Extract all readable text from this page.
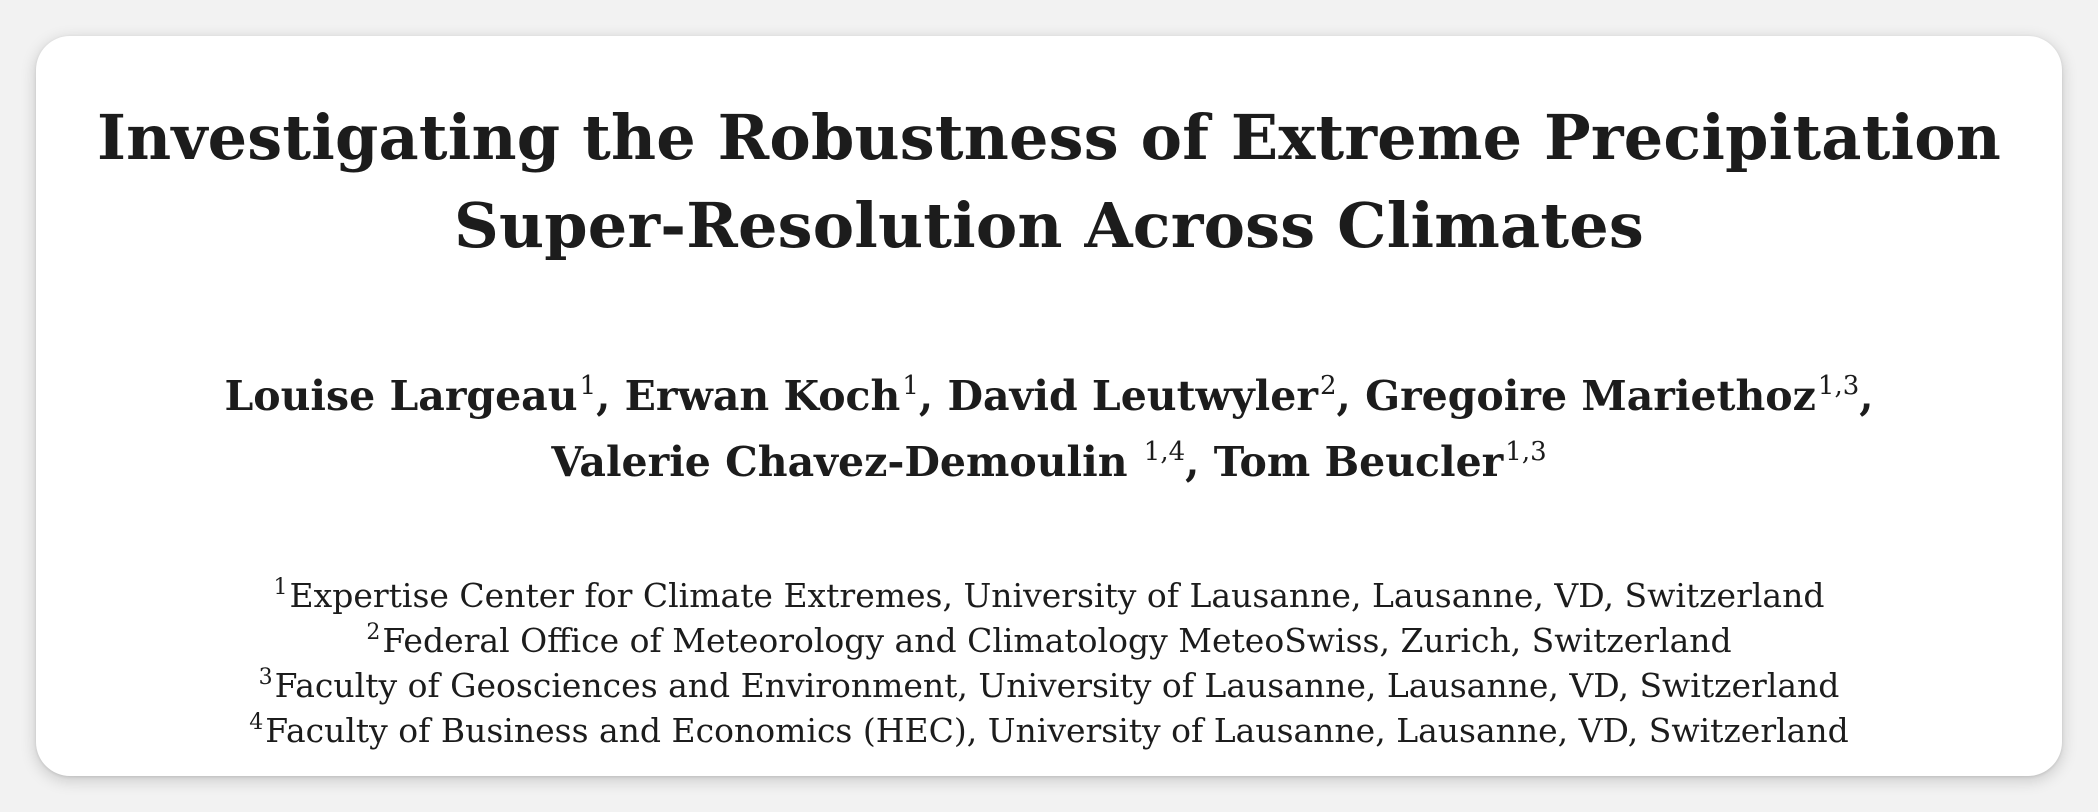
Investigating the Robustness of Extreme Precipitation
Super-Resolution Across Climates
Louise Largeau$^1$, Erwan Koch$^1$, David Leutwyler$^2$, Gregoire Mariethoz$^{1,3}$,
Valerie Chavez-Demoulin $^{1,4}$, Tom Beucler$^{1,3}$
$^1$Expertise Center for Climate Extremes, University of Lausanne, Lausanne, VD, Switzerland
$^2$Federal Office of Meteorology and Climatology MeteoSwiss, Zurich, Switzerland
$^3$Faculty of Geosciences and Environment, University of Lausanne, Lausanne, VD, Switzerland
$^4$Faculty of Business and Economics (HEC), University of Lausanne, Lausanne, VD, Switzerland
